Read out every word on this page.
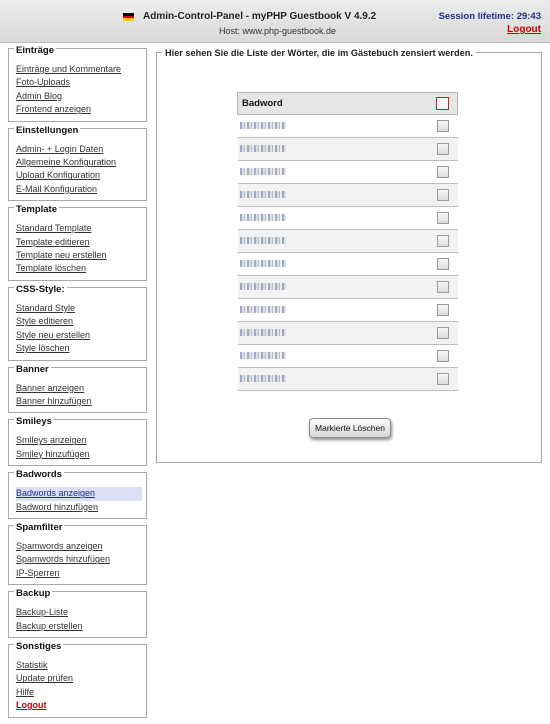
Admin-Control-Panel - myPHP Guestbook V 4.9.2
Host: www.php-guestbook.de
Session lifetime: 29:43
Logout
Einträge
Einträge und Kommentare
Foto-Uploads
Admin Blog
Frontend anzeigen
Einstellungen
Admin- + Login Daten
Allgemeine Konfiguration
Upload Konfiguration
E-Mail Konfiguration
Template
Standard Template
Template editieren
Template neu erstellen
Template löschen
CSS-Style:
Standard Style
Style editieren
Style neu erstellen
Style löschen
Banner
Banner anzeigen
Banner hinzufügen
Smileys
Smileys anzeigen
Smiley hinzufügen
Badwords
Badwords anzeigen
Badword hinzufügen
Spamfilter
Spamwords anzeigen
Spamwords hinzufügen
IP-Sperren
Backup
Backup-Liste
Backup erstellen
Sonstiges
Statistik
Update prüfen
Hilfe
Logout
Hier sehen Sie die Liste der Wörter, die im Gästebuch zensiert werden.
Badword	

Markierte Löschen
